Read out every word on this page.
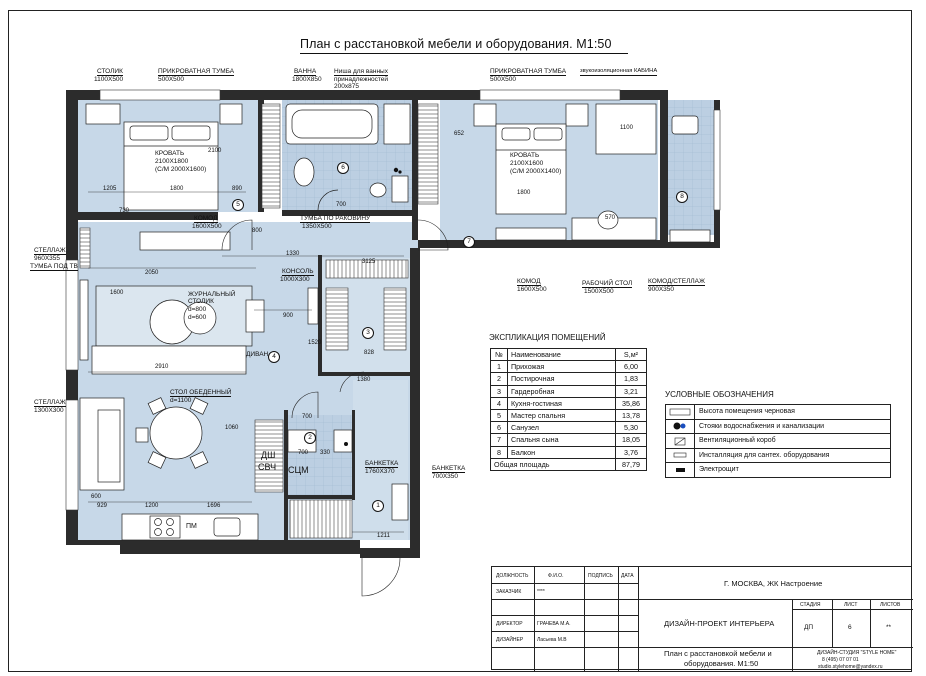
План с расстановкой мебели и оборудования. М1:50
СТОЛИК
1100Х500
ПРИКРОВАТНАЯ ТУМБА
500Х500
ВАННА
1800Х850
Ниша для ванных
принадлежностей
200х875
ПРИКРОВАТНАЯ ТУМБА
500Х500
звукоизоляционная КАБИНА
КРОВАТЬ
2100Х1800
(С/М 2000Х1600)
КРОВАТЬ
2100Х1600
(С/М 2000Х1400)
КОМОД
1600Х500
ТУМБА ПО РАКОВИНУ
1350Х500
СТЕЛЛАЖ
960Х355
ТУМБА ПОД ТВ
КОНСОЛЬ
1000Х300
ЖУРНАЛЬНЫЙ
СТОЛИК
d=800
d=600
ДИВАН
СТЕЛЛАЖ
1300Х300
СТОЛ ОБЕДЕННЫЙ
d=1100
КОМОД
1600Х500
РАБОЧИЙ СТОЛ
1500Х500
КОМОД/СТЕЛЛАЖ
900Х350
БАНКЕТКА
1760Х370	БАНКЕТКА
700Х350
ДШ
СВЧ СЦМ
ПМ
1205	1800	890
2100
730
1330
652
1800
1100
700
570
2050
3125
1600
2910
1520
900
828
700
1060
330
700
600
929	1200	1696
1211
1380
800
1
2
3
4
5
6
7
8
ЭКСПЛИКАЦИЯ ПОМЕЩЕНИЙ
№	Наименование	S,м²
1	Прихожая	6,00
2	Постирочная	1,83
3	Гардеробная	3,21
4	Кухня-гостиная	35,86
5	Мастер спальня	13,78
6	Санузел	5,30
7	Спальня сына	18,05
8	Балкон	3,76
Общая площадь		87,79
УСЛОВНЫЕ ОБОЗНАЧЕНИЯ
Высота помещения черновая
Стояки водоснабжения и канализации
Вентиляционный короб
Инсталляция для сантех. оборудования
Электрощит
ДОЛЖНОСТЬ	Ф.И.О.	ПОДПИСЬ ДАТА
ЗАКАЗЧИК	****
ДИРЕКТОР	ГРАЧЕВА М.А.
ДИЗАЙНЕР	Ласьева М.В
Г. МОСКВА, ЖК Настроение
ДИЗАЙН-ПРОЕКТ ИНТЕРЬЕРА
План с расстановкой мебели и
оборудования. М1:50
СТАДИЯ	ЛИСТ	ЛИСТОВ
ДП	6	**
ДИЗАЙН-СТУДИЯ "STYLE HOME"
8 (495) 07 07 01
studio.stylehome@yandex.ru
